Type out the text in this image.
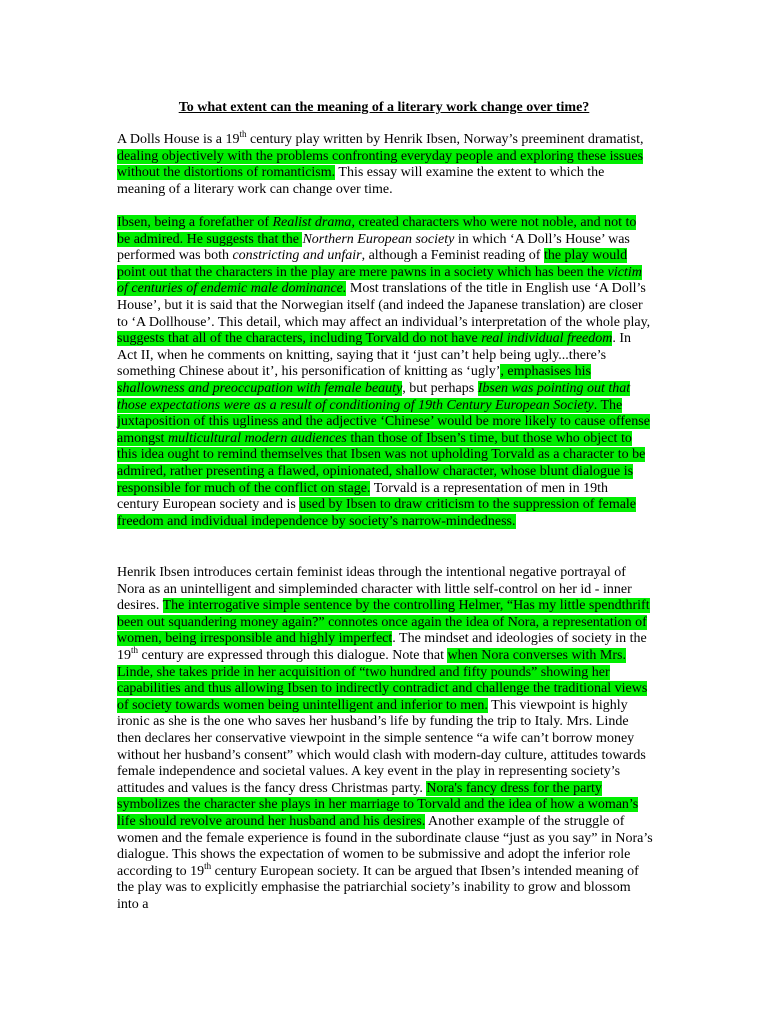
To what extent can the meaning of a literary work change over time?
A Dolls House is a 19th century play written by Henrik Ibsen, Norway’s preeminent dramatist, dealing objectively with the problems confronting everyday people and exploring these issues without the distortions of romanticism. This essay will examine the extent to which the meaning of a literary work can change over time.
Ibsen, being a forefather of Realist drama, created characters who were not noble, and not to be admired. He suggests that the Northern European society in which ‘A Doll’s House’ was performed was both constricting and unfair, although a Feminist reading of the play would point out that the characters in the play are mere pawns in a society which has been the victim of centuries of endemic male dominance. Most translations of the title in English use ‘A Doll’s House’, but it is said that the Norwegian itself (and indeed the Japanese translation) are closer to ‘A Dollhouse’. This detail, which may affect an individual’s interpretation of the whole play, suggests that all of the characters, including Torvald do not have real individual freedom. In Act II, when he comments on knitting, saying that it ‘just can’t help being ugly...there’s something Chinese about it’, his personification of knitting as ‘ugly’, emphasises his shallowness and preoccupation with female beauty, but perhaps Ibsen was pointing out that those expectations were as a result of conditioning of 19th Century European Society. The juxtaposition of this ugliness and the adjective ‘Chinese’ would be more likely to cause offense amongst multicultural modern audiences than those of Ibsen’s time, but those who object to this idea ought to remind themselves that Ibsen was not upholding Torvald as a character to be admired, rather presenting a flawed, opinionated, shallow character, whose blunt dialogue is responsible for much of the conflict on stage. Torvald is a representation of men in 19th century European society and is used by Ibsen to draw criticism to the suppression of female freedom and individual independence by society’s narrow-mindedness.
Henrik Ibsen introduces certain feminist ideas through the intentional negative portrayal of Nora as an unintelligent and simpleminded character with little self-control on her id - inner desires. The interrogative simple sentence by the controlling Helmer, “Has my little spendthrift been out squandering money again?” connotes once again the idea of Nora, a representation of women, being irresponsible and highly imperfect. The mindset and ideologies of society in the 19th century are expressed through this dialogue. Note that when Nora converses with Mrs. Linde, she takes pride in her acquisition of “two hundred and fifty pounds” showing her capabilities and thus allowing Ibsen to indirectly contradict and challenge the traditional views of society towards women being unintelligent and inferior to men. This viewpoint is highly ironic as she is the one who saves her husband’s life by funding the trip to Italy. Mrs. Linde then declares her conservative viewpoint in the simple sentence “a wife can’t borrow money without her husband’s consent” which would clash with modern-day culture, attitudes towards female independence and societal values. A key event in the play in representing society’s attitudes and values is the fancy dress Christmas party. Nora's fancy dress for the party symbolizes the character she plays in her marriage to Torvald and the idea of how a woman’s life should revolve around her husband and his desires. Another example of the struggle of women and the female experience is found in the subordinate clause “just as you say” in Nora’s dialogue. This shows the expectation of women to be submissive and adopt the inferior role according to 19th century European society. It can be argued that Ibsen’s intended meaning of the play was to explicitly emphasise the patriarchial society’s inability to grow and blossom into a
